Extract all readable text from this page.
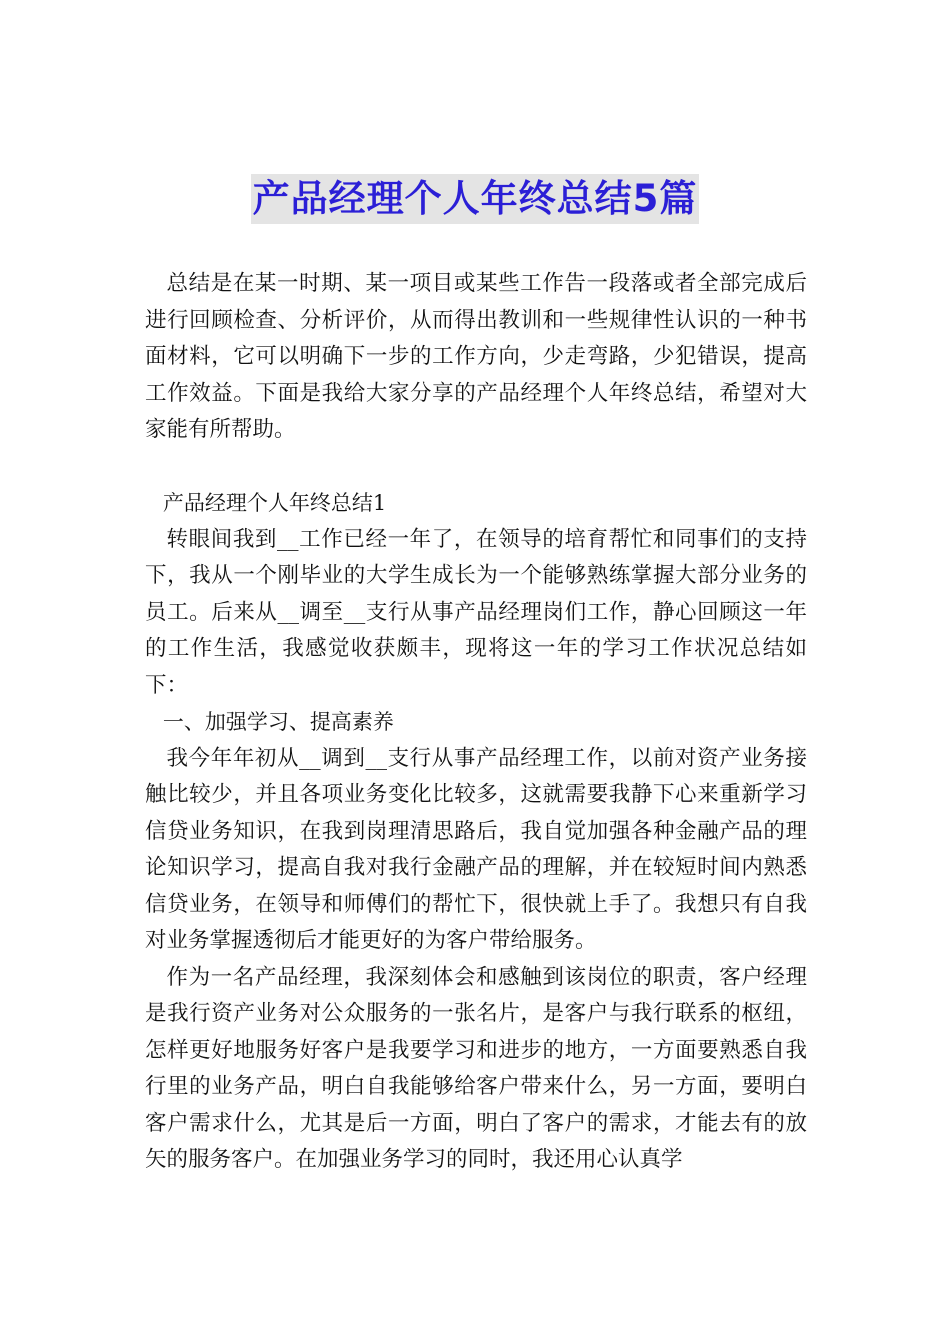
产品经理个人年终总结5篇

总结是在某一时期、某一项目或某些工作告一段落或者全部完成后进行回顾检查、分析评价，从而得出教训和一些规律性认识的一种书面材料，它可以明确下一步的工作方向，少走弯路，少犯错误，提高工作效益。下面是我给大家分享的产品经理个人年终总结，希望对大家能有所帮助。

产品经理个人年终总结1

转眼间我到__工作已经一年了，在领导的培育帮忙和同事们的支持下，我从一个刚毕业的大学生成长为一个能够熟练掌握大部分业务的员工。后来从__调至__支行从事产品经理岗们工作，静心回顾这一年的工作生活，我感觉收获颇丰，现将这一年的学习工作状况总结如下：

一、加强学习、提高素养

我今年年初从__调到__支行从事产品经理工作，以前对资产业务接触比较少，并且各项业务变化比较多，这就需要我静下心来重新学习信贷业务知识，在我到岗理清思路后，我自觉加强各种金融产品的理论知识学习，提高自我对我行金融产品的理解，并在较短时间内熟悉信贷业务，在领导和师傅们的帮忙下，很快就上手了。我想只有自我对业务掌握透彻后才能更好的为客户带给服务。

作为一名产品经理，我深刻体会和感触到该岗位的职责，客户经理是我行资产业务对公众服务的一张名片，是客户与我行联系的枢纽，怎样更好地服务好客户是我要学习和进步的地方，一方面要熟悉自我行里的业务产品，明白自我能够给客户带来什么，另一方面，要明白客户需求什么，尤其是后一方面，明白了客户的需求，才能去有的放矢的服务客户。在加强业务学习的同时，我还用心认真学
